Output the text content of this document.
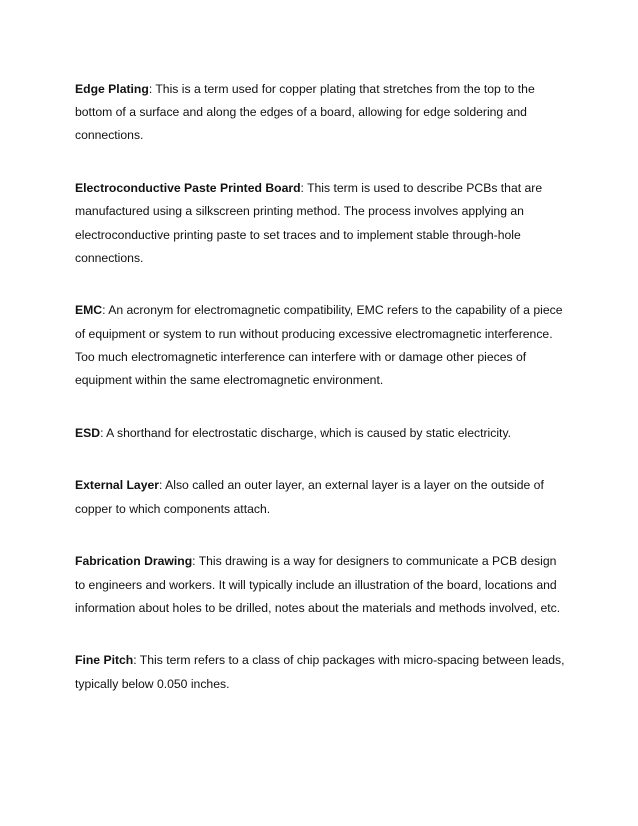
Edge Plating: This is a term used for copper plating that stretches from the top to the bottom of a surface and along the edges of a board, allowing for edge soldering and connections.

Electroconductive Paste Printed Board: This term is used to describe PCBs that are manufactured using a silkscreen printing method. The process involves applying an electroconductive printing paste to set traces and to implement stable through-hole connections.

EMC: An acronym for electromagnetic compatibility, EMC refers to the capability of a piece of equipment or system to run without producing excessive electromagnetic interference. Too much electromagnetic interference can interfere with or damage other pieces of equipment within the same electromagnetic environment.

ESD: A shorthand for electrostatic discharge, which is caused by static electricity.

External Layer: Also called an outer layer, an external layer is a layer on the outside of copper to which components attach.

Fabrication Drawing: This drawing is a way for designers to communicate a PCB design to engineers and workers. It will typically include an illustration of the board, locations and information about holes to be drilled, notes about the materials and methods involved, etc.

Fine Pitch: This term refers to a class of chip packages with micro-spacing between leads, typically below 0.050 inches.
